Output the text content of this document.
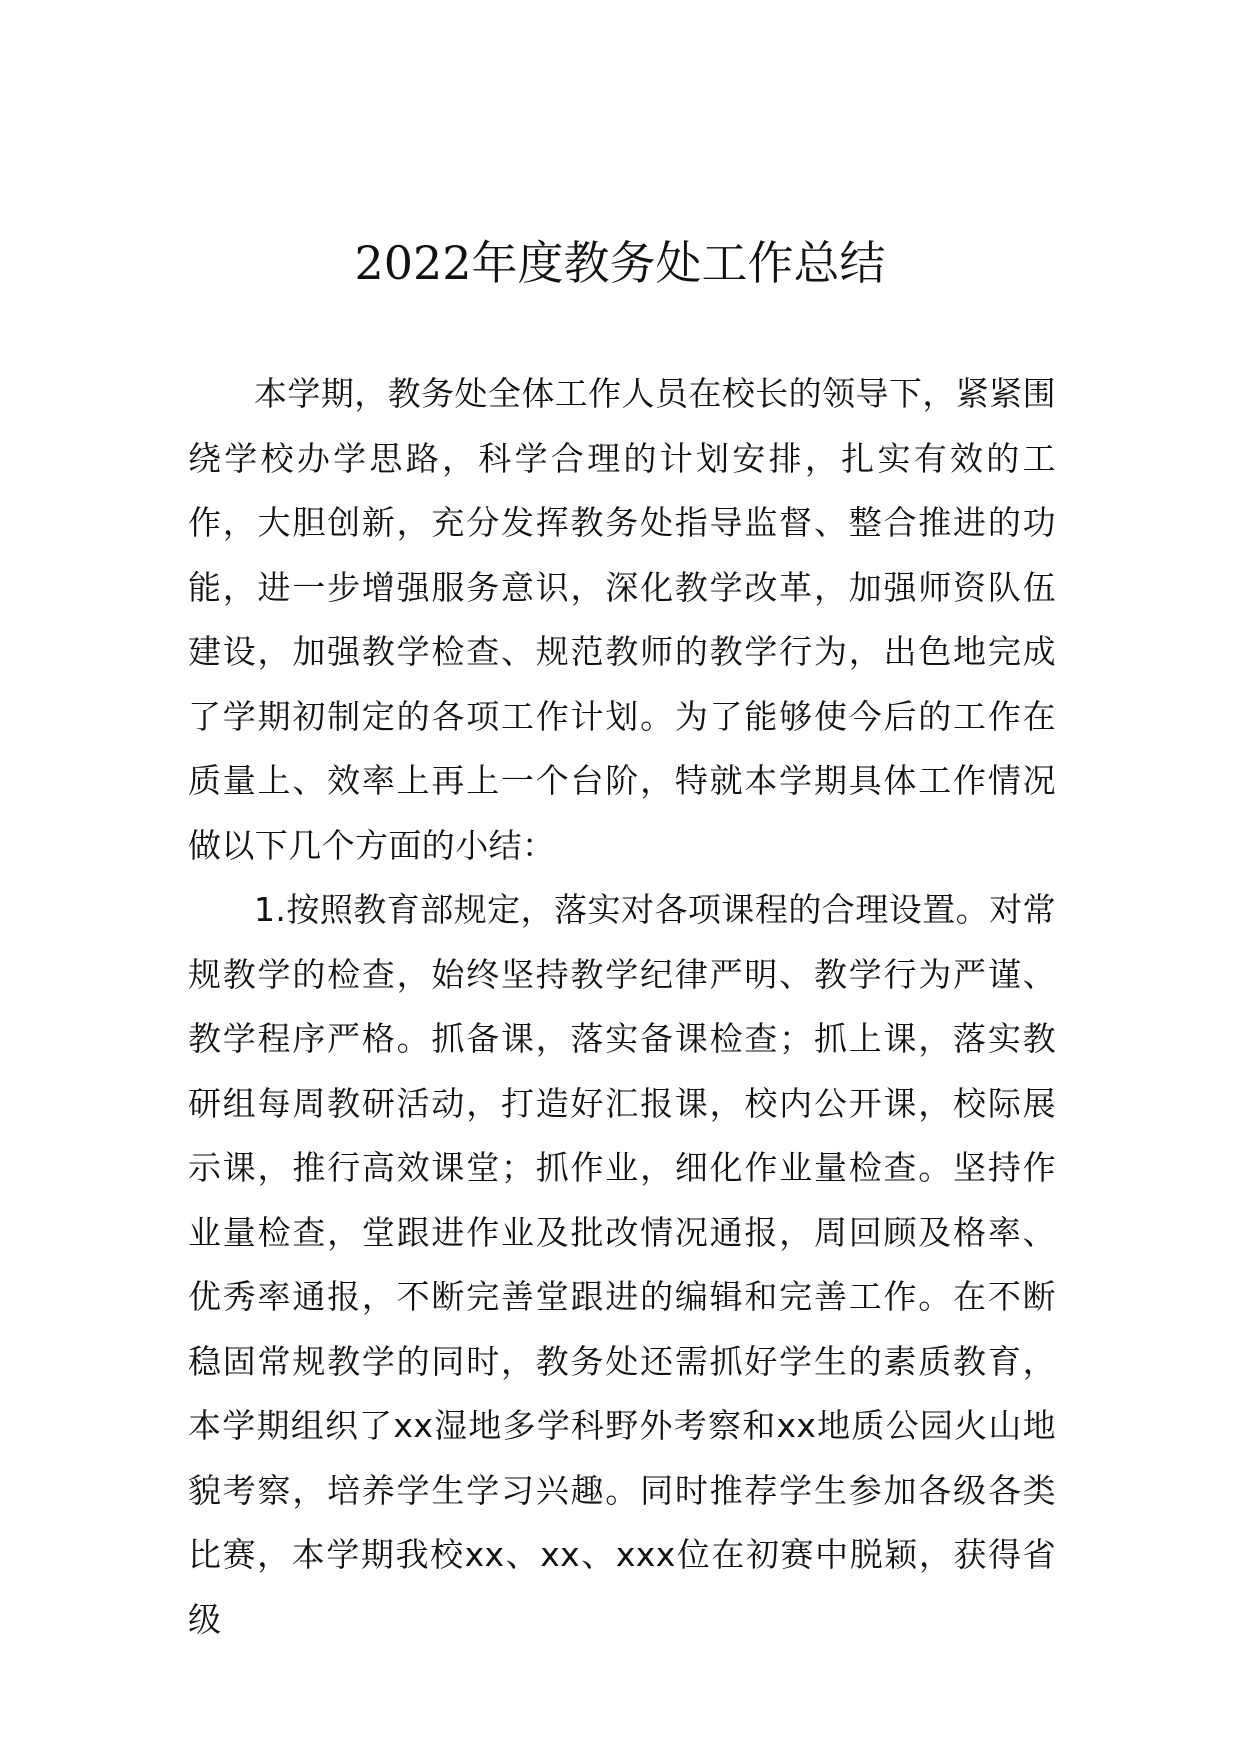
2022年度教务处工作总结

本学期，教务处全体工作人员在校长的领导下，紧紧围绕学校办学思路，科学合理的计划安排，扎实有效的工作，大胆创新，充分发挥教务处指导监督、整合推进的功能，进一步增强服务意识，深化教学改革，加强师资队伍建设，加强教学检查、规范教师的教学行为，出色地完成了学期初制定的各项工作计划。为了能够使今后的工作在质量上、效率上再上一个台阶，特就本学期具体工作情况做以下几个方面的小结：

1.按照教育部规定，落实对各项课程的合理设置。对常规教学的检查，始终坚持教学纪律严明、教学行为严谨、教学程序严格。抓备课，落实备课检查；抓上课，落实教研组每周教研活动，打造好汇报课，校内公开课，校际展示课，推行高效课堂；抓作业，细化作业量检查。坚持作业量检查，堂跟进作业及批改情况通报，周回顾及格率、优秀率通报，不断完善堂跟进的编辑和完善工作。在不断稳固常规教学的同时，教务处还需抓好学生的素质教育，本学期组织了xx湿地多学科野外考察和xx地质公园火山地貌考察，培养学生学习兴趣。同时推荐学生参加各级各类比赛，本学期我校xx、xx、xxx位在初赛中脱颖，获得省级
